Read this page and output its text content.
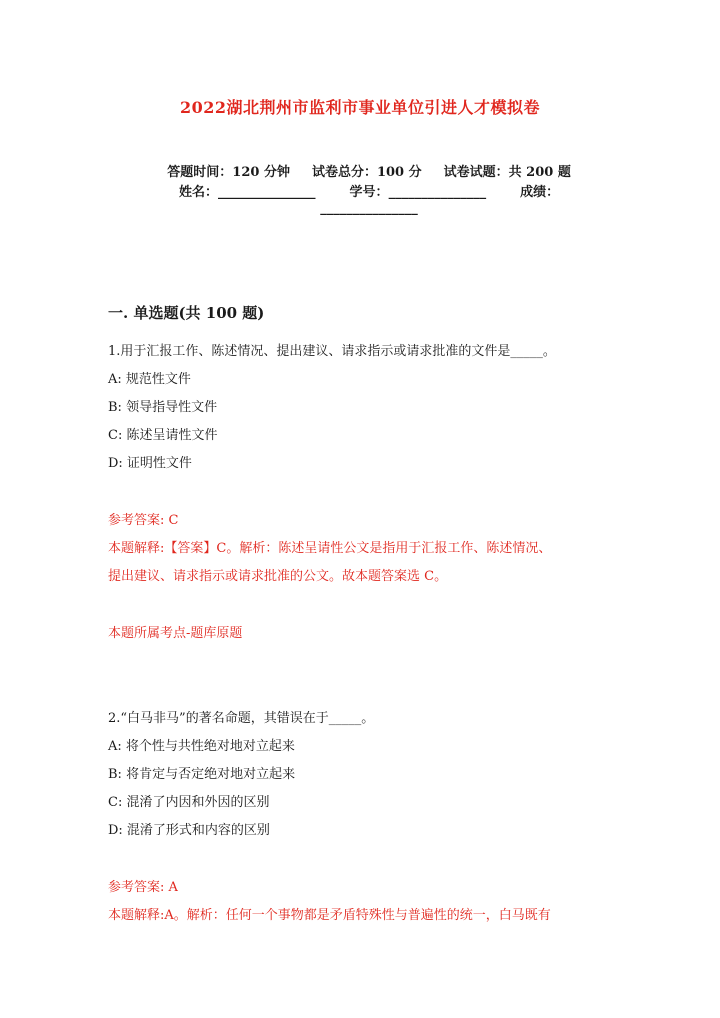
2022湖北荆州市监利市事业单位引进人才模拟卷

答题时间：120 分钟 试卷总分：100 分 试卷试题：共 200 题

姓名：_______________	学号：_______________	成绩：

_______________

一. 单选题(共 100 题)
1.用于汇报工作、陈述情况、提出建议、请求指示或请求批准的文件是_____。
A: 规范性文件
B: 领导指导性文件
C: 陈述呈请性文件
D: 证明性文件
参考答案: C
本题解释:【答案】C。解析：陈述呈请性公文是指用于汇报工作、陈述情况、
提出建议、请求指示或请求批准的公文。故本题答案选 C。
本题所属考点-题库原题
2.“白马非马”的著名命题，其错误在于_____。
A: 将个性与共性绝对地对立起来
B: 将肯定与否定绝对地对立起来
C: 混淆了内因和外因的区别
D: 混淆了形式和内容的区别
参考答案: A
本题解释:A。解析：任何一个事物都是矛盾特殊性与普遍性的统一，白马既有
